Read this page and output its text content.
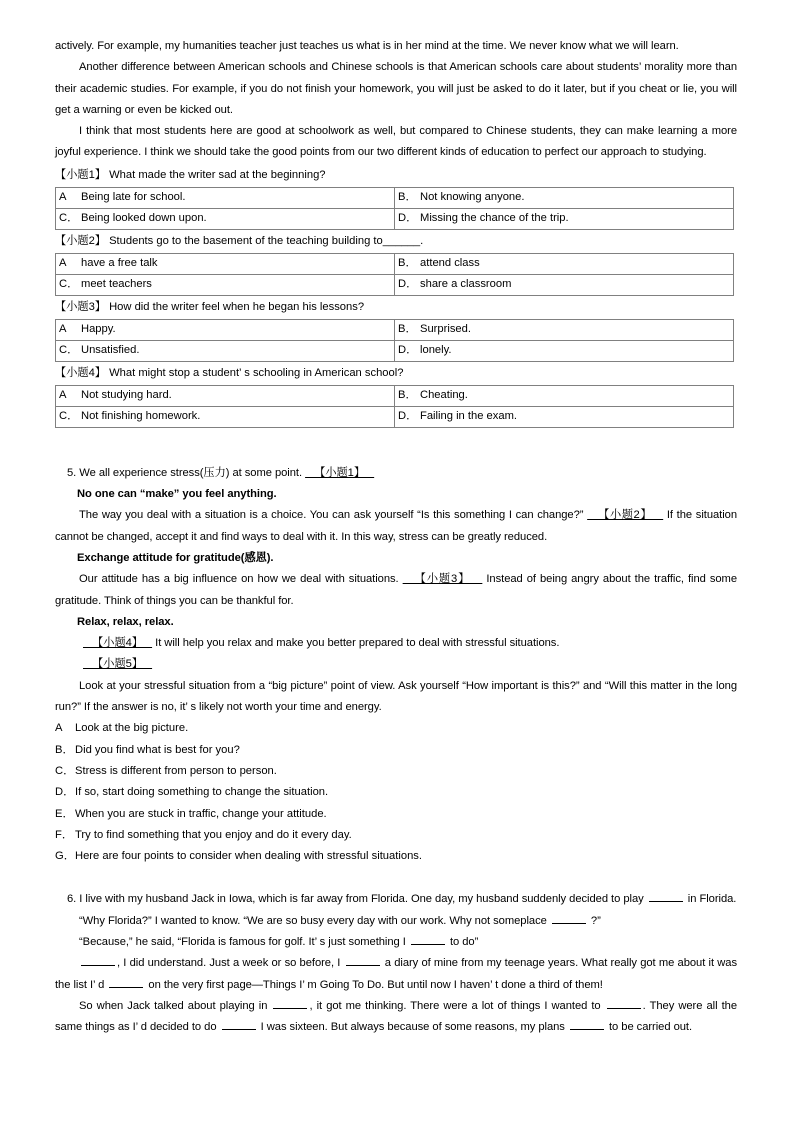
actively. For example, my humanities teacher just teaches us what is in her mind at the time. We never know what we will learn.

Another difference between American schools and Chinese schools is that American schools care about students’ morality more than their academic studies. For example, if you do not finish your homework, you will just be asked to do it later, but if you cheat or lie, you will get a warning or even be kicked out.

I think that most students here are good at schoolwork as well, but compared to Chinese students, they can make learning a more joyful experience. I think we should take the good points from our two different kinds of education to perfect our approach to studying.

【小题1】 What made the writer sad at the beginning?

A Being late for school.	B． Not knowing anyone.
C． Being looked down upon.	D． Missing the chance of the trip.

【小题2】 Students go to the basement of the teaching building to______.

A have a free talk	B． attend class
C． meet teachers	D． share a classroom

【小题3】 How did the writer feel when he began his lessons?

A Happy.	B． Surprised.
C． Unsatisfied.	D． lonely.

【小题4】 What might stop a student’ s schooling in American school?

A Not studying hard.	B． Cheating.
C． Not finishing homework.	D． Failing in the exam.

5. We all experience stress(压力) at some point.    【小题1】

No one can “make” you feel anything.

The way you deal with a situation is a choice. You can ask yourself “Is this something I can change?”    【小题2】    If the situation cannot be changed, accept it and find ways to deal with it. In this way, stress can be greatly reduced.

Exchange attitude for gratitude(感恩).

Our attitude has a big influence on how we deal with situations.    【小题3】    Instead of being angry about the traffic, find some gratitude. Think of things you can be thankful for.

Relax, relax, relax.

【小题4】    It will help you relax and make you better prepared to deal with stressful situations.

【小题5】

Look at your stressful situation from a “big picture” point of view. Ask yourself “How important is this?” and “Will this matter in the long run?” If the answer is no, it’ s likely not worth your time and energy.

A Look at the big picture.

B．Did you find what is best for you?

C．Stress is different from person to person.

D．If so, start doing something to change the situation.

E．When you are stuck in traffic, change your attitude.

F． Try to find something that you enjoy and do it every day.

G．Here are four points to consider when dealing with stressful situations.

6. I live with my husband Jack in Iowa, which is far away from Florida. One day, my husband suddenly decided to play	in Florida.

“Why Florida?” I wanted to know. “We are so busy every day with our work. Why not someplace	?”

“Because,” he said, “Florida is famous for golf. It’ s just something I	to do”

, I did understand. Just a week or so before, I	a diary of mine from my teenage years. What really got me about it was the list I’ d	on the very first page—Things I’ m Going To Do. But until now I haven’ t done a third of them!

So when Jack talked about playing in	, it got me thinking. There were a lot of things I wanted to	. They were all the same things as I’ d decided to do	I was sixteen. But always because of some reasons, my plans	to be carried out.
